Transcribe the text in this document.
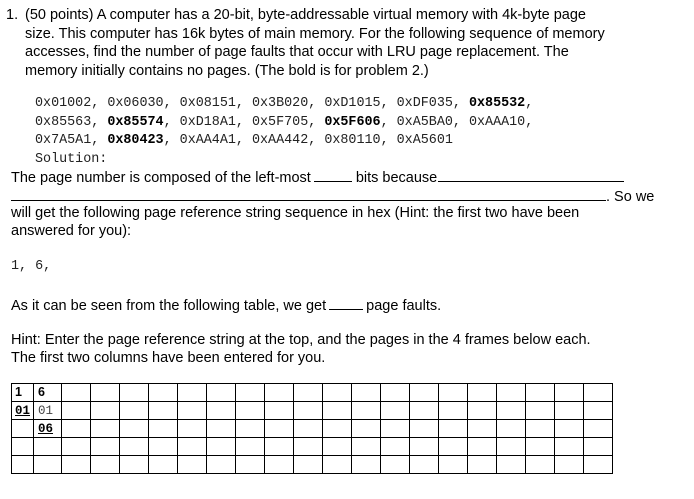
1. (50 points) A computer has a 20-bit, byte-addressable virtual memory with 4k-byte page
size. This computer has 16k bytes of main memory. For the following sequence of memory
accesses, find the number of page faults that occur with LRU page replacement. The
memory initially contains no pages. (The bold is for problem 2.)
0x01002, 0x06030, 0x08151, 0x3B020, 0xD1015, 0xDF035, 0x85532,
0x85563, 0x85574, 0xD18A1, 0x5F705, 0x5F606, 0xA5BA0, 0xAAA10,
0x7A5A1, 0x80423, 0xAA4A1, 0xAA442, 0x80110, 0xA5601
Solution:
The page number is composed of the left-most	bits because
. So we
will get the following page reference string sequence in hex (Hint: the first two have been
answered for you):
1, 6,
As it can be seen from the following table, we get	page faults.
Hint: Enter the page reference string at the top, and the pages in the 4 frames below each.
The first two columns have been entered for you.
1	6																			
01	01																			
	06																			
